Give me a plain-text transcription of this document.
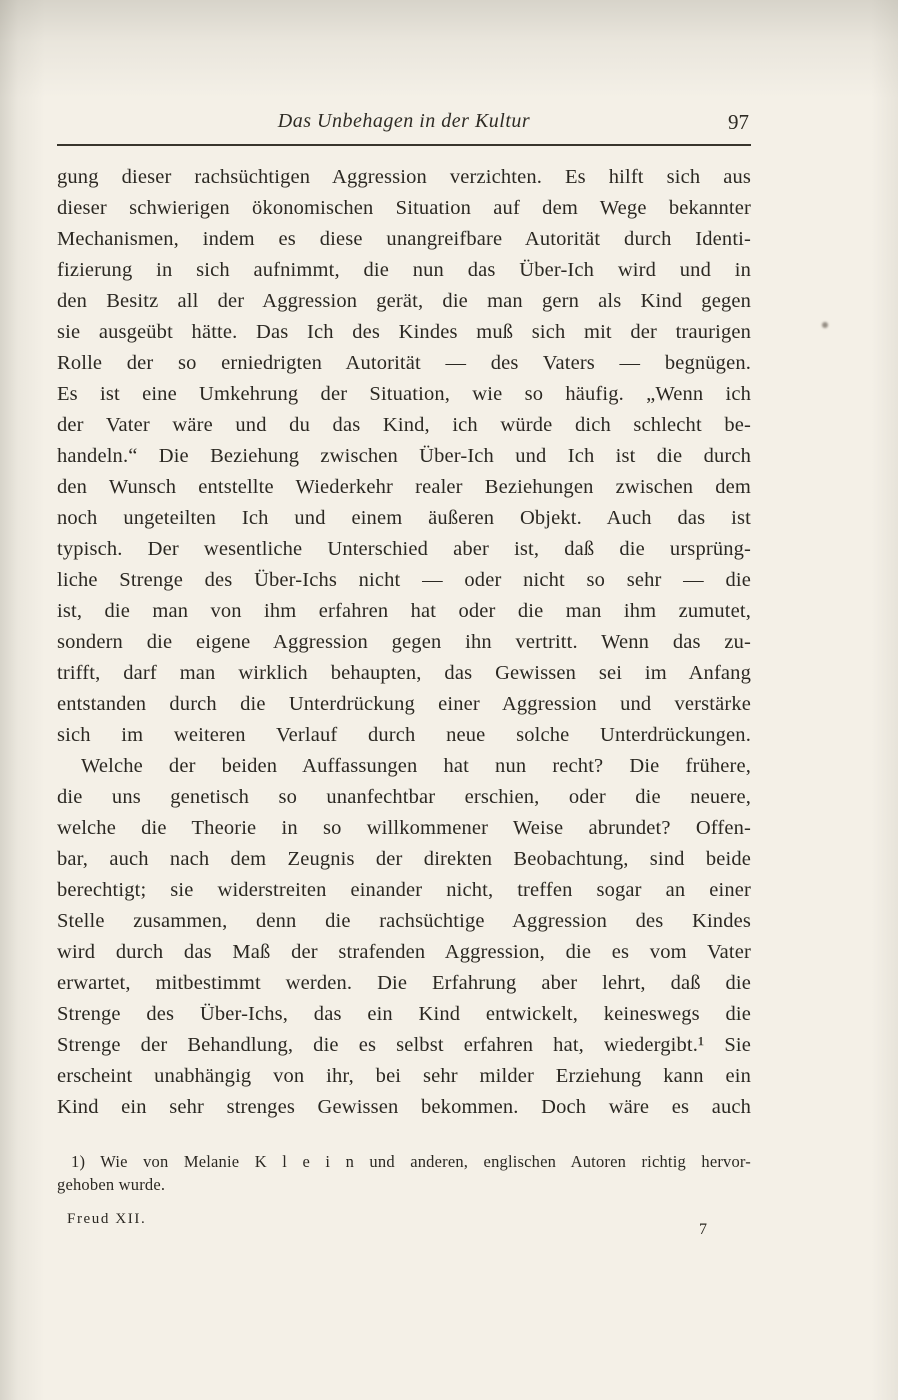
Das Unbehagen in der Kultur	97
gung dieser rachsüchtigen Aggression verzichten. Es hilft sich aus
dieser schwierigen ökonomischen Situation auf dem Wege bekannter
Mechanismen, indem es diese unangreifbare Autorität durch Identi-
fizierung in sich aufnimmt, die nun das Über-Ich wird und in
den Besitz all der Aggression gerät, die man gern als Kind gegen
sie ausgeübt hätte. Das Ich des Kindes muß sich mit der traurigen
Rolle der so erniedrigten Autorität — des Vaters — begnügen.
Es ist eine Umkehrung der Situation, wie so häufig. „Wenn ich
der Vater wäre und du das Kind, ich würde dich schlecht be-
handeln.“ Die Beziehung zwischen Über-Ich und Ich ist die durch
den Wunsch entstellte Wiederkehr realer Beziehungen zwischen dem
noch ungeteilten Ich und einem äußeren Objekt. Auch das ist
typisch. Der wesentliche Unterschied aber ist, daß die ursprüng-
liche Strenge des Über-Ichs nicht — oder nicht so sehr — die
ist, die man von ihm erfahren hat oder die man ihm zumutet,
sondern die eigene Aggression gegen ihn vertritt. Wenn das zu-
trifft, darf man wirklich behaupten, das Gewissen sei im Anfang
entstanden durch die Unterdrückung einer Aggression und verstärke
sich im weiteren Verlauf durch neue solche Unterdrückungen.
Welche der beiden Auffassungen hat nun recht? Die frühere,
die uns genetisch so unanfechtbar erschien, oder die neuere,
welche die Theorie in so willkommener Weise abrundet? Offen-
bar, auch nach dem Zeugnis der direkten Beobachtung, sind beide
berechtigt; sie widerstreiten einander nicht, treffen sogar an einer
Stelle zusammen, denn die rachsüchtige Aggression des Kindes
wird durch das Maß der strafenden Aggression, die es vom Vater
erwartet, mitbestimmt werden. Die Erfahrung aber lehrt, daß die
Strenge des Über-Ichs, das ein Kind entwickelt, keineswegs die
Strenge der Behandlung, die es selbst erfahren hat, wiedergibt.¹ Sie
erscheint unabhängig von ihr, bei sehr milder Erziehung kann ein
Kind ein sehr strenges Gewissen bekommen. Doch wäre es auch
1) Wie von Melanie K l e i n und anderen, englischen Autoren richtig hervor-
gehoben wurde.
Freud XII.
7
